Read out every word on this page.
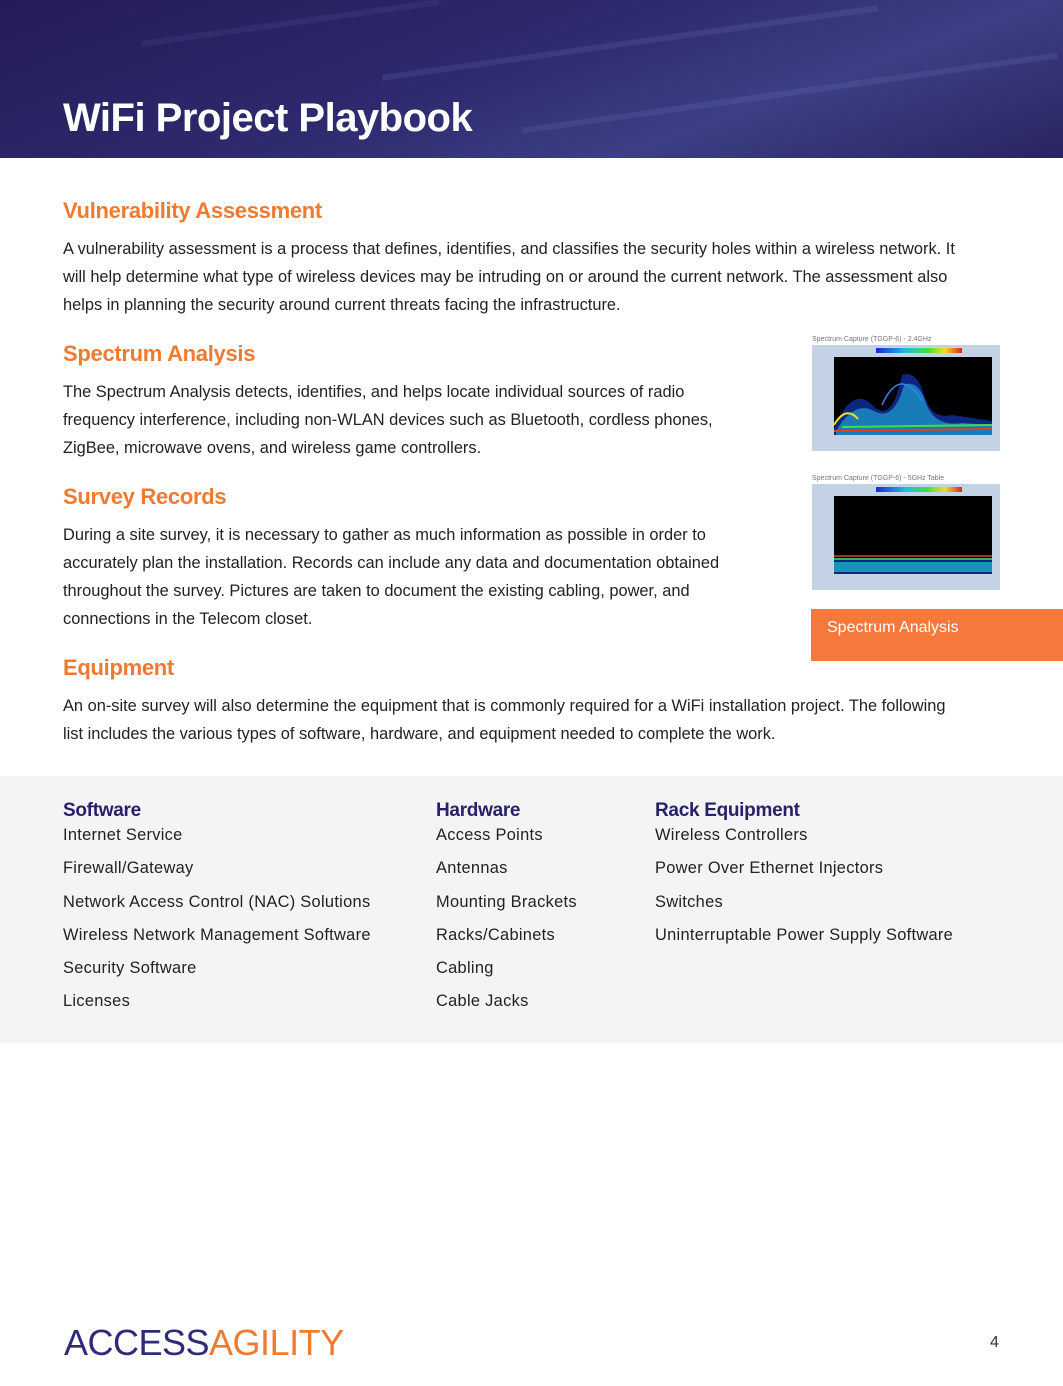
WiFi Project Playbook
Vulnerability Assessment

A vulnerability assessment is a process that defines, identifies, and classifies the security holes within a wireless network. It
will help determine what type of wireless devices may be intruding on or around the current network. The assessment also
helps in planning the security around current threats facing the infrastructure.

Spectrum Analysis

The Spectrum Analysis detects, identifies, and helps locate individual sources of radio
frequency interference, including non-WLAN devices such as Bluetooth, cordless phones,
ZigBee, microwave ovens, and wireless game controllers.

Survey Records

During a site survey, it is necessary to gather as much information as possible in order to
accurately plan the installation. Records can include any data and documentation obtained
throughout the survey. Pictures are taken to document the existing cabling, power, and
connections in the Telecom closet.

Equipment

An on-site survey will also determine the equipment that is commonly required for a WiFi installation project. The following
list includes the various types of software, hardware, and equipment needed to complete the work.

Spectrum Capture (TGGP-6) - 2.4GHz
Spectrum Capture (TGGP-6) - 5GHz Table
Spectrum Analysis
Software
Internet Service
Firewall/Gateway
Network Access Control (NAC) Solutions
Wireless Network Management Software
Security Software
Licenses
Hardware
Access Points
Antennas
Mounting Brackets
Racks/Cabinets
Cabling
Cable Jacks
Rack Equipment
Wireless Controllers
Power Over Ethernet Injectors
Switches
Uninterruptable Power Supply Software
ACCESSAGILITY	4
